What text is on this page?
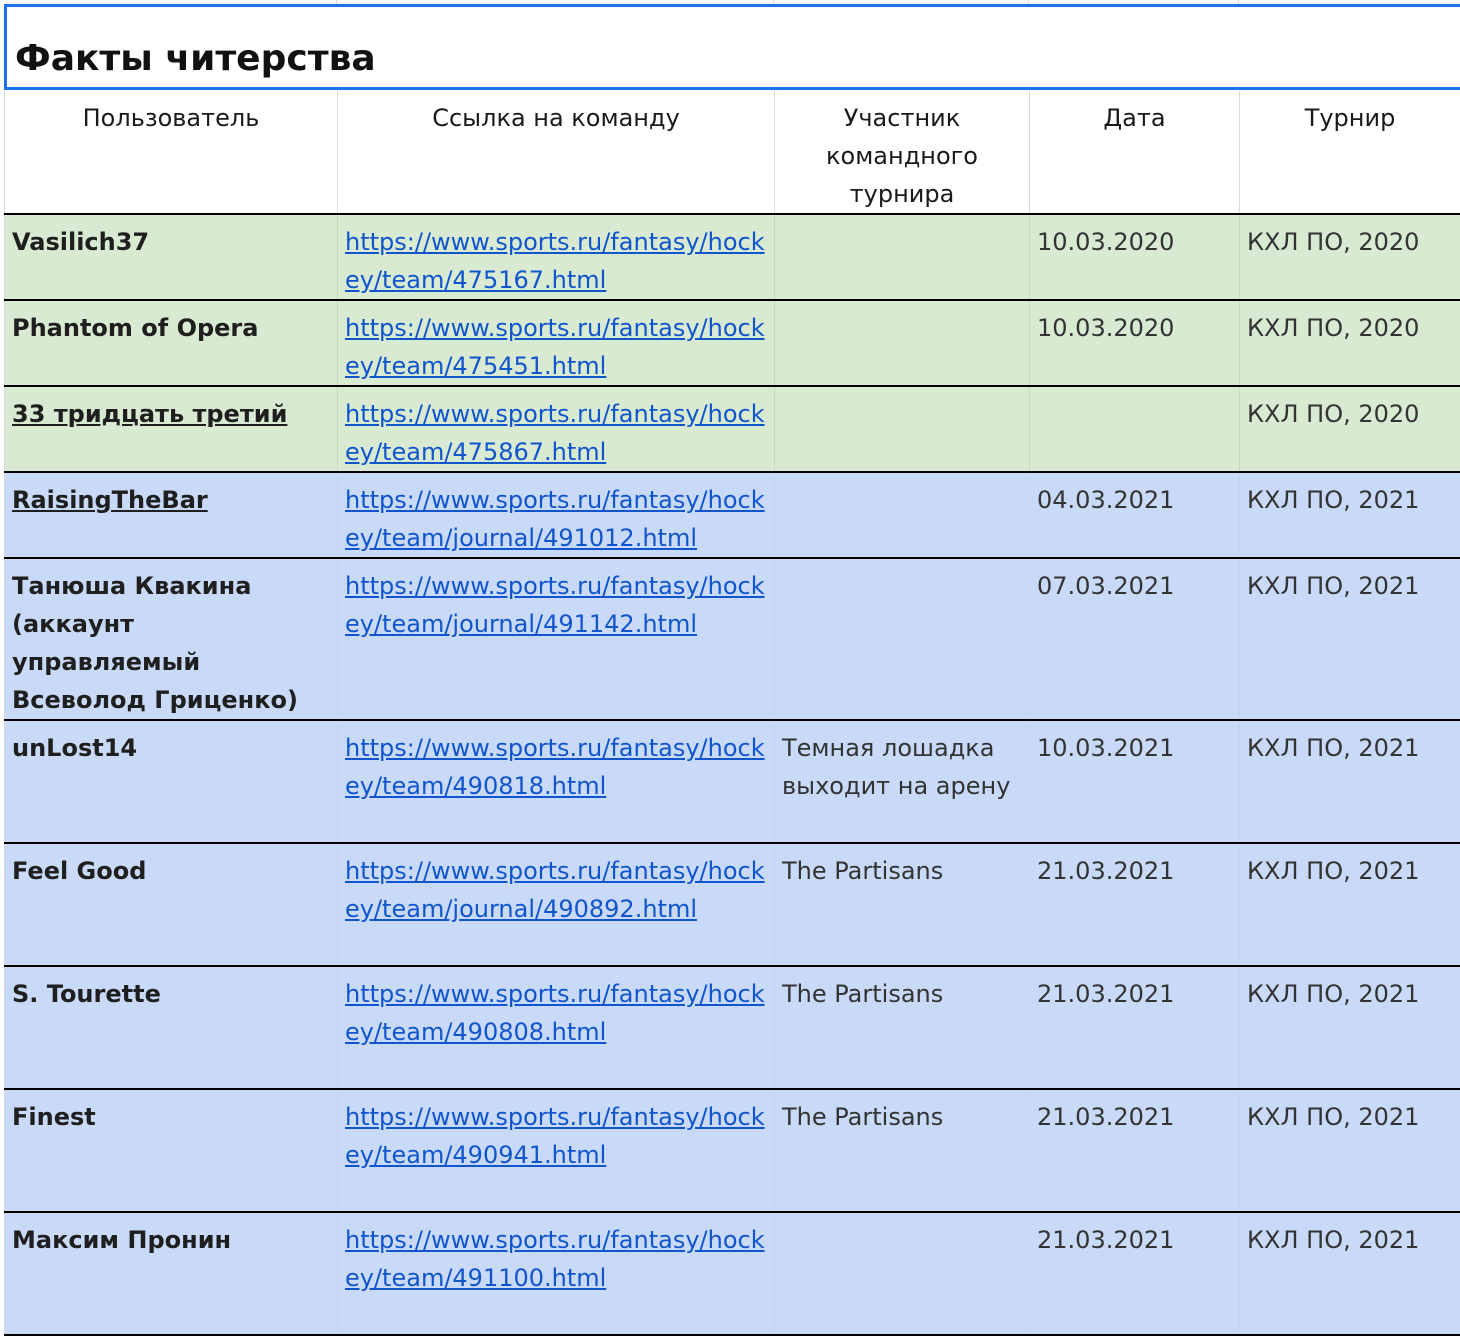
Факты читерства
Пользователь	Ссылка на команду	Участник командного турнира	Дата	Турнир
Vasilich37	https://www.sports.ru/fantasy/hockey/team/475167.html		10.03.2020	КХЛ ПО, 2020
Phantom of Opera	https://www.sports.ru/fantasy/hockey/team/475451.html		10.03.2020	КХЛ ПО, 2020
33 тридцать третий	https://www.sports.ru/fantasy/hockey/team/475867.html			КХЛ ПО, 2020
RaisingTheBar	https://www.sports.ru/fantasy/hockey/team/journal/491012.html		04.03.2021	КХЛ ПО, 2021
Танюша Квакина (аккаунт управляемый Всеволод Гриценко)	https://www.sports.ru/fantasy/hockey/team/journal/491142.html		07.03.2021	КХЛ ПО, 2021
unLost14	https://www.sports.ru/fantasy/hockey/team/490818.html	Темная лошадка выходит на арену	10.03.2021	КХЛ ПО, 2021
Feel Good	https://www.sports.ru/fantasy/hockey/team/journal/490892.html	The Partisans	21.03.2021	КХЛ ПО, 2021
S. Tourette	https://www.sports.ru/fantasy/hockey/team/490808.html	The Partisans	21.03.2021	КХЛ ПО, 2021
Finest	https://www.sports.ru/fantasy/hockey/team/490941.html	The Partisans	21.03.2021	КХЛ ПО, 2021
Максим Пронин	https://www.sports.ru/fantasy/hockey/team/491100.html		21.03.2021	КХЛ ПО, 2021
